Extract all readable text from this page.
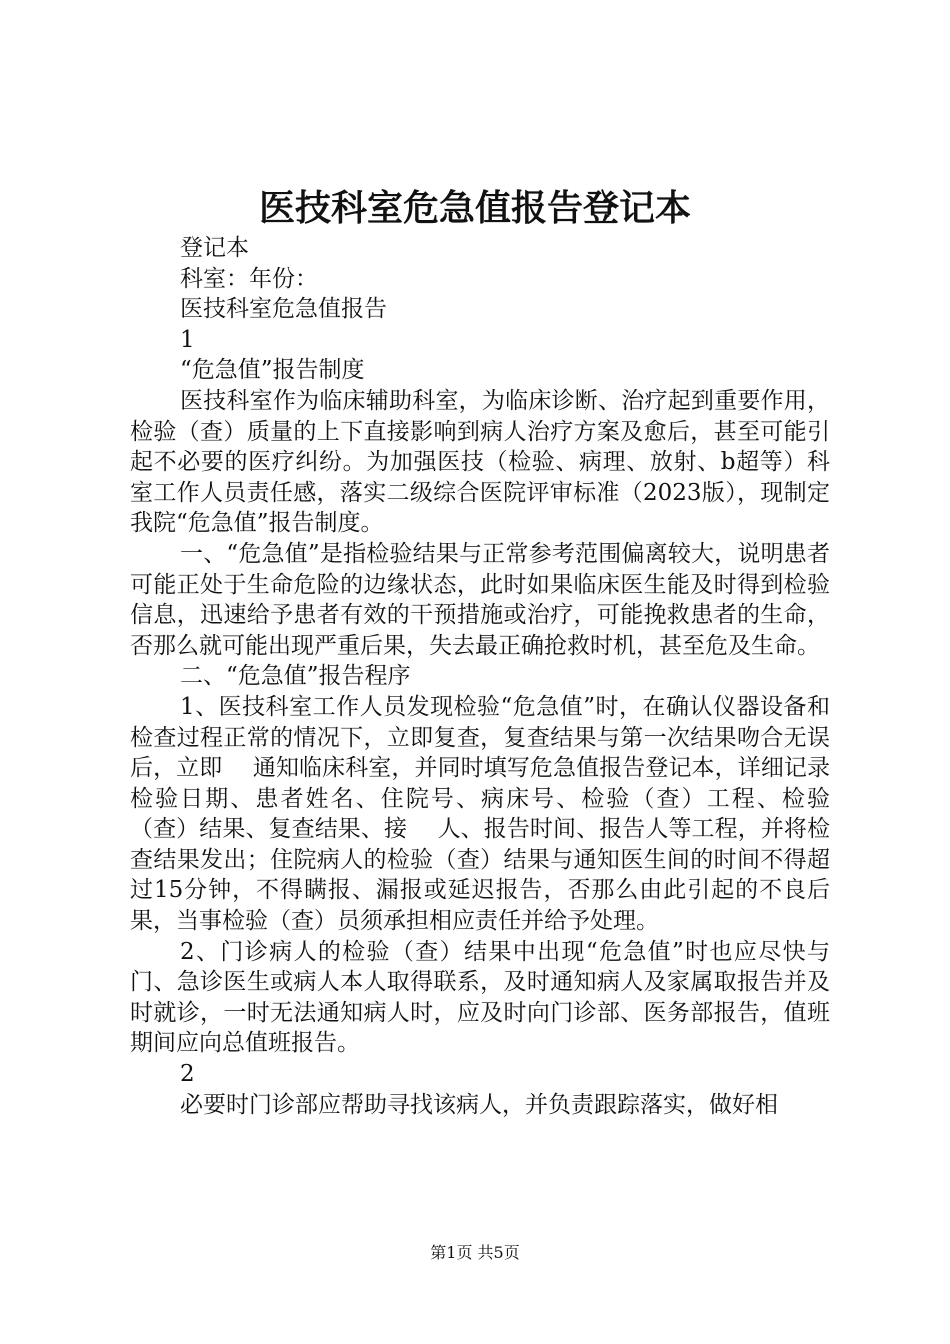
医技科室危急值报告登记本

登记本

科室：年份：

医技科室危急值报告

1

“危急值”报告制度

医技科室作为临床辅助科室，为临床诊断、治疗起到重要作用，检验（查）质量的上下直接影响到病人治疗方案及愈后，甚至可能引起不必要的医疗纠纷。为加强医技（检验、病理、放射、b超等）科室工作人员责任感，落实二级综合医院评审标准（2023版），现制定我院“危急值”报告制度。

一、“危急值”是指检验结果与正常参考范围偏离较大，说明患者可能正处于生命危险的边缘状态，此时如果临床医生能及时得到检验信息，迅速给予患者有效的干预措施或治疗，可能挽救患者的生命，否那么就可能出现严重后果，失去最正确抢救时机，甚至危及生命。

二、“危急值”报告程序

1、医技科室工作人员发现检验“危急值”时，在确认仪器设备和检查过程正常的情况下，立即复查，复查结果与第一次结果吻合无误后，立即　 通知临床科室，并同时填写危急值报告登记本，详细记录检验日期、患者姓名、住院号、病床号、检验（查）工程、检验（查）结果、复查结果、接　 人、报告时间、报告人等工程，并将检查结果发出；住院病人的检验（查）结果与通知医生间的时间不得超过15分钟，不得瞒报、漏报或延迟报告，否那么由此引起的不良后果，当事检验（查）员须承担相应责任并给予处理。

2、门诊病人的检验（查）结果中出现“危急值”时也应尽快与门、急诊医生或病人本人取得联系，及时通知病人及家属取报告并及时就诊，一时无法通知病人时，应及时向门诊部、医务部报告，值班期间应向总值班报告。

2

必要时门诊部应帮助寻找该病人，并负责跟踪落实，做好相

第1页 共5页
